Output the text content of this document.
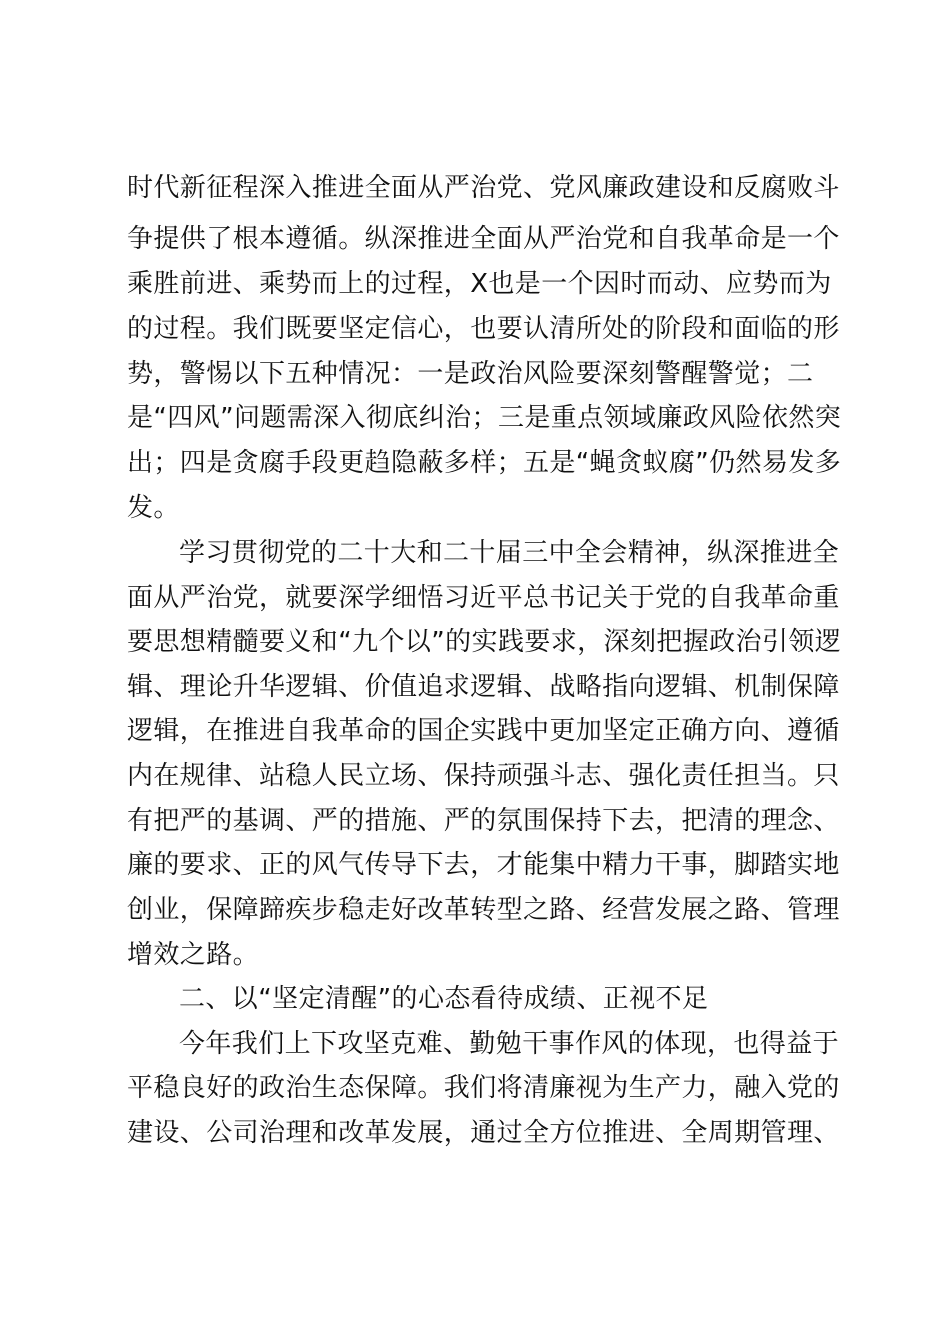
时代新征程深入推进全面从严治党、党风廉政建设和反腐败斗
争提供了根本遵循。纵深推进全面从严治党和自我革命是一个
乘胜前进、乘势而上的过程，X也是一个因时而动、应势而为
的过程。我们既要坚定信心，也要认清所处的阶段和面临的形
势，警惕以下五种情况：一是政治风险要深刻警醒警觉；二
是“四风”问题需深入彻底纠治；三是重点领域廉政风险依然突
出；四是贪腐手段更趋隐蔽多样；五是“蝇贪蚁腐”仍然易发多
发。
学习贯彻党的二十大和二十届三中全会精神，纵深推进全
面从严治党，就要深学细悟习近平总书记关于党的自我革命重
要思想精髓要义和“九个以”的实践要求，深刻把握政治引领逻
辑、理论升华逻辑、价值追求逻辑、战略指向逻辑、机制保障
逻辑，在推进自我革命的国企实践中更加坚定正确方向、遵循
内在规律、站稳人民立场、保持顽强斗志、强化责任担当。只
有把严的基调、严的措施、严的氛围保持下去，把清的理念、
廉的要求、正的风气传导下去，才能集中精力干事，脚踏实地
创业，保障蹄疾步稳走好改革转型之路、经营发展之路、管理
增效之路。
二、以“坚定清醒”的心态看待成绩、正视不足
今年我们上下攻坚克难、勤勉干事作风的体现，也得益于
平稳良好的政治生态保障。我们将清廉视为生产力，融入党的
建设、公司治理和改革发展，通过全方位推进、全周期管理、
